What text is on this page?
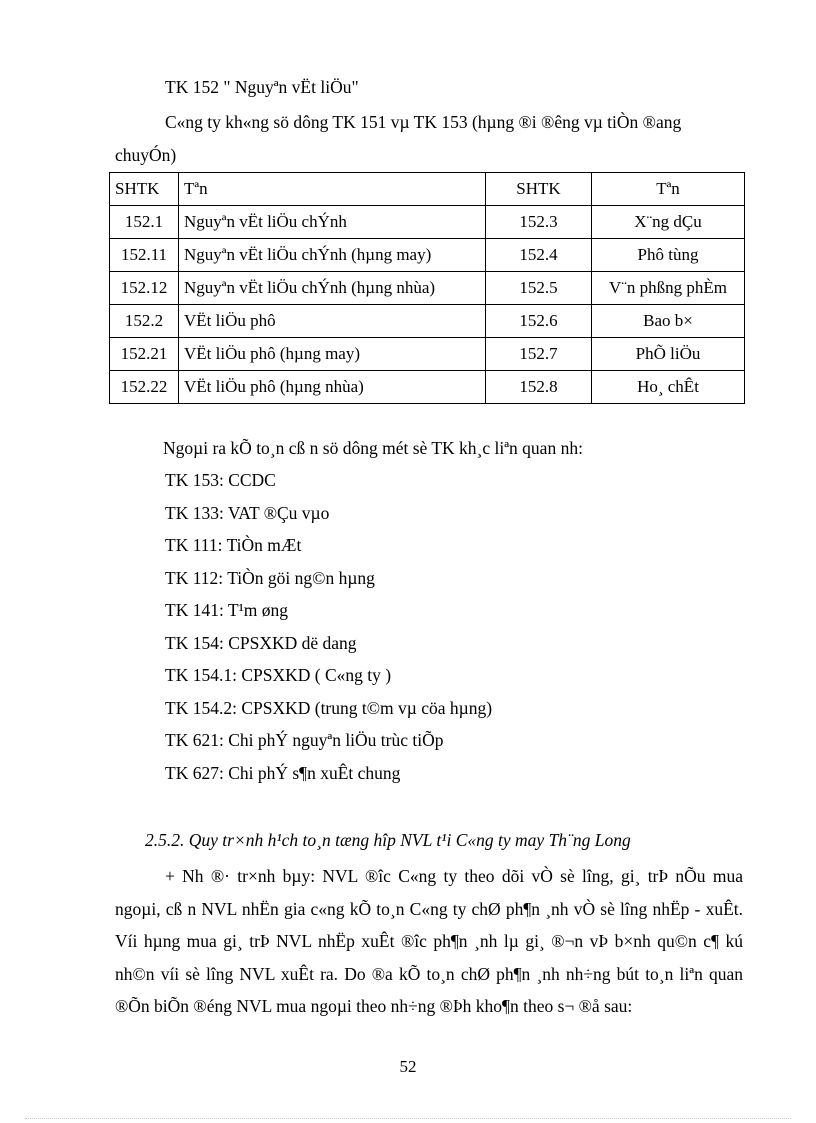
TK 152 " Nguyªn vËt liÖu"
C«ng ty kh«ng sö dông TK 151 vµ TK 153 (hµng ®i ®êng vµ tiÒn ®ang
chuyÓn)
SHTK	Tªn	SHTK	Tªn
152.1	Nguyªn vËt liÖu chÝnh	152.3	X¨ng dÇu
152.11	Nguyªn vËt liÖu chÝnh (hµng may)	152.4	Phô tùng
152.12	Nguyªn vËt liÖu chÝnh (hµng nhùa)	152.5	V¨n phßng phÈm
152.2	VËt liÖu phô	152.6	Bao b×
152.21	VËt liÖu phô (hµng may)	152.7	PhÕ liÖu
152.22	VËt liÖu phô (hµng nhùa)	152.8	Ho¸ chÊt
Ngoµi ra kÕ to¸n cß n sö dông mét sè TK kh¸c liªn quan nh:
TK 153: CCDC
TK 133: VAT ®Çu vµo
TK 111: TiÒn mÆt
TK 112: TiÒn göi ng©n hµng
TK 141: T¹m øng
TK 154: CPSXKD dë dang
TK 154.1: CPSXKD ( C«ng ty )
TK 154.2: CPSXKD (trung t©m vµ cöa hµng)
TK 621: Chi phÝ nguyªn liÖu trùc tiÕp
TK 627: Chi phÝ s¶n xuÊt chung
2.5.2. Quy tr×nh h¹ch to¸n tæng hîp NVL t¹i C«ng ty may Th¨ng Long
+ Nh ®· tr×nh bµy: NVL ®îc C«ng ty theo dõi vÒ sè lîng, gi¸ trÞ nÕu mua ngoµi, cß n NVL nhËn gia c«ng kÕ to¸n C«ng ty chØ ph¶n ¸nh vÒ sè lîng nhËp - xuÊt. Víi hµng mua gi¸ trÞ NVL nhËp xuÊt ®îc ph¶n ¸nh lµ gi¸ ®¬n vÞ b×nh qu©n c¶ kú nh©n víi sè lîng NVL xuÊt ra. Do ®a kÕ to¸n chØ ph¶n ¸nh nh÷ng bút to¸n liªn quan ®Õn biÕn ®éng NVL mua ngoµi theo nh÷ng ®Þh kho¶n theo s¬ ®å sau:
52
